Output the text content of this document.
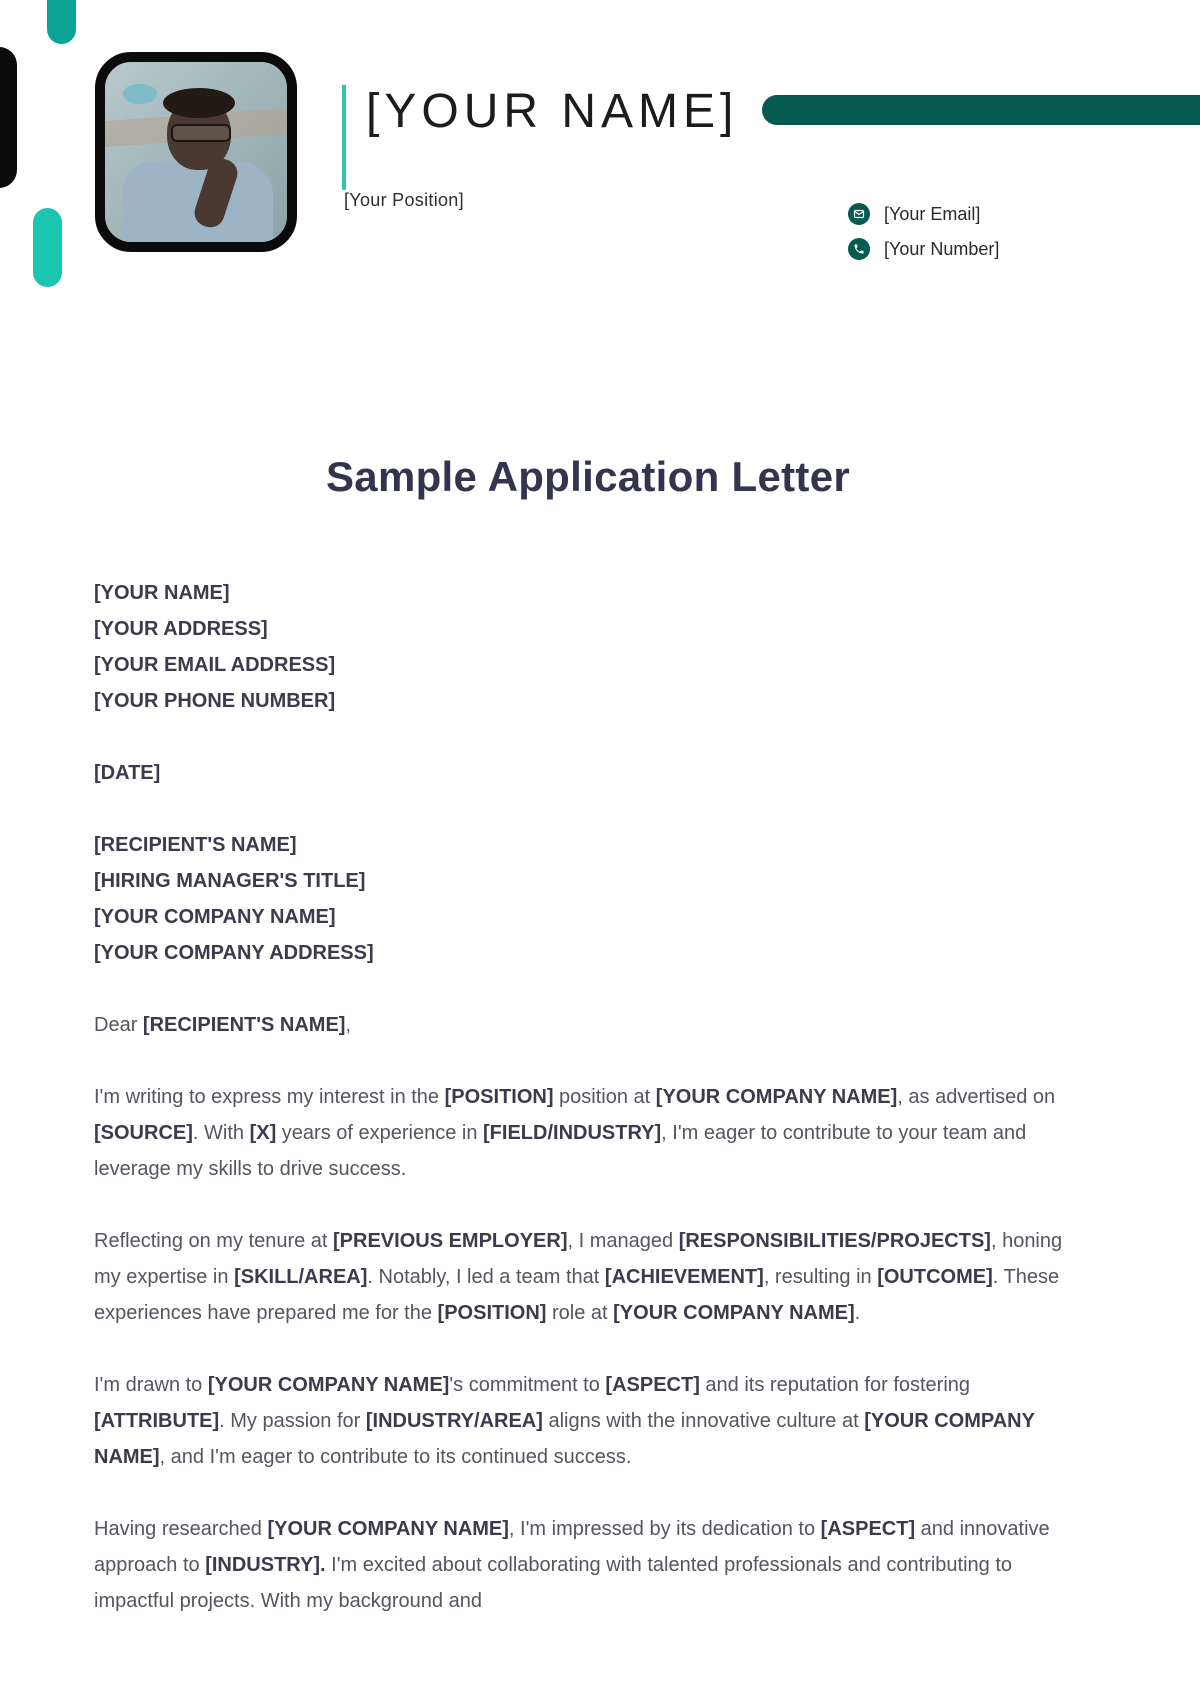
[YOUR NAME]
[Your Position]
[Your Email]
[Your Number]
Sample Application Letter
[YOUR NAME]
[YOUR ADDRESS]
[YOUR EMAIL ADDRESS]
[YOUR PHONE NUMBER]
[DATE]
[RECIPIENT'S NAME]
[HIRING MANAGER'S TITLE]
[YOUR COMPANY NAME]
[YOUR COMPANY ADDRESS]

Dear [RECIPIENT'S NAME],

I'm writing to express my interest in the [POSITION] position at [YOUR COMPANY NAME], as advertised on [SOURCE]. With [X] years of experience in [FIELD/INDUSTRY], I'm eager to contribute to your team and leverage my skills to drive success.

Reflecting on my tenure at [PREVIOUS EMPLOYER], I managed [RESPONSIBILITIES/PROJECTS], honing my expertise in [SKILL/AREA]. Notably, I led a team that [ACHIEVEMENT], resulting in [OUTCOME]. These experiences have prepared me for the [POSITION] role at [YOUR COMPANY NAME].

I'm drawn to [YOUR COMPANY NAME]'s commitment to [ASPECT] and its reputation for fostering [ATTRIBUTE]. My passion for [INDUSTRY/AREA] aligns with the innovative culture at [YOUR COMPANY NAME], and I'm eager to contribute to its continued success.

Having researched [YOUR COMPANY NAME], I'm impressed by its dedication to [ASPECT] and innovative approach to [INDUSTRY]. I'm excited about collaborating with talented professionals and contributing to impactful projects. With my background and
